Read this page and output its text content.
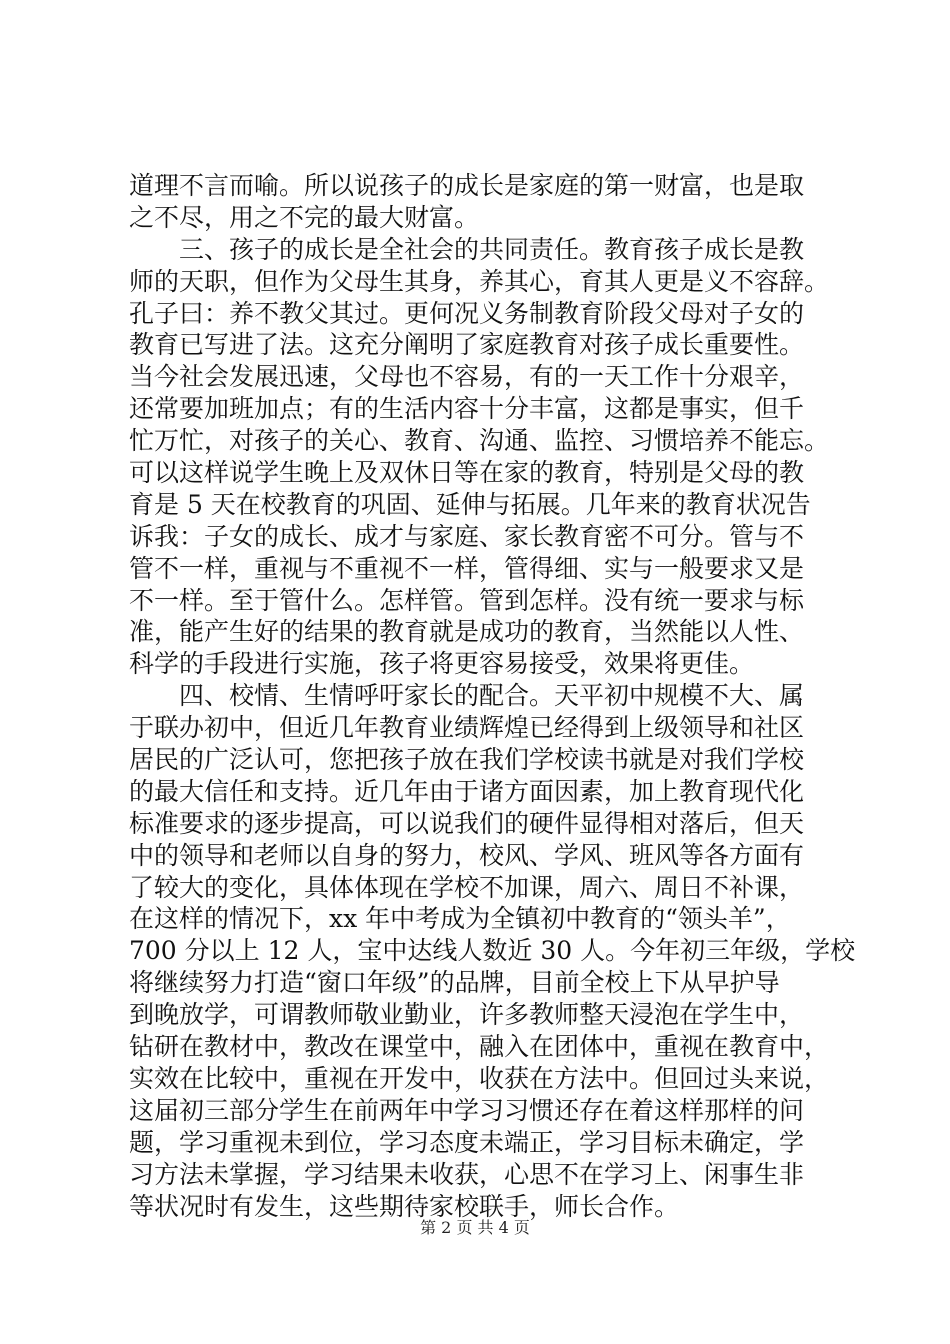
道理不言而喻。所以说孩子的成长是家庭的第一财富，也是取
之不尽，用之不完的最大财富。
　　三、孩子的成长是全社会的共同责任。教育孩子成长是教
师的天职，但作为父母生其身，养其心，育其人更是义不容辞。
孔子曰：养不教父其过。更何况义务制教育阶段父母对子女的
教育已写进了法。这充分阐明了家庭教育对孩子成长重要性。
当今社会发展迅速，父母也不容易，有的一天工作十分艰辛，
还常要加班加点；有的生活内容十分丰富，这都是事实，但千
忙万忙，对孩子的关心、教育、沟通、监控、习惯培养不能忘。
可以这样说学生晚上及双休日等在家的教育，特别是父母的教
育是 5 天在校教育的巩固、延伸与拓展。几年来的教育状况告
诉我：子女的成长、成才与家庭、家长教育密不可分。管与不
管不一样，重视与不重视不一样，管得细、实与一般要求又是
不一样。至于管什么。怎样管。管到怎样。没有统一要求与标
准，能产生好的结果的教育就是成功的教育，当然能以人性、
科学的手段进行实施，孩子将更容易接受，效果将更佳。
　　四、校情、生情呼吁家长的配合。天平初中规模不大、属
于联办初中，但近几年教育业绩辉煌已经得到上级领导和社区
居民的广泛认可，您把孩子放在我们学校读书就是对我们学校
的最大信任和支持。近几年由于诸方面因素，加上教育现代化
标准要求的逐步提高，可以说我们的硬件显得相对落后，但天
中的领导和老师以自身的努力，校风、学风、班风等各方面有
了较大的变化，具体体现在学校不加课，周六、周日不补课，
在这样的情况下，xx 年中考成为全镇初中教育的“领头羊”，
700 分以上 12 人，宝中达线人数近 30 人。今年初三年级，学校
将继续努力打造“窗口年级”的品牌，目前全校上下从早护导
到晚放学，可谓教师敬业勤业，许多教师整天浸泡在学生中，
钻研在教材中，教改在课堂中，融入在团体中，重视在教育中，
实效在比较中，重视在开发中，收获在方法中。但回过头来说，
这届初三部分学生在前两年中学习习惯还存在着这样那样的问
题，学习重视未到位，学习态度未端正，学习目标未确定，学
习方法未掌握，学习结果未收获，心思不在学习上、闲事生非
等状况时有发生，这些期待家校联手，师长合作。
第 2 页 共 4 页
